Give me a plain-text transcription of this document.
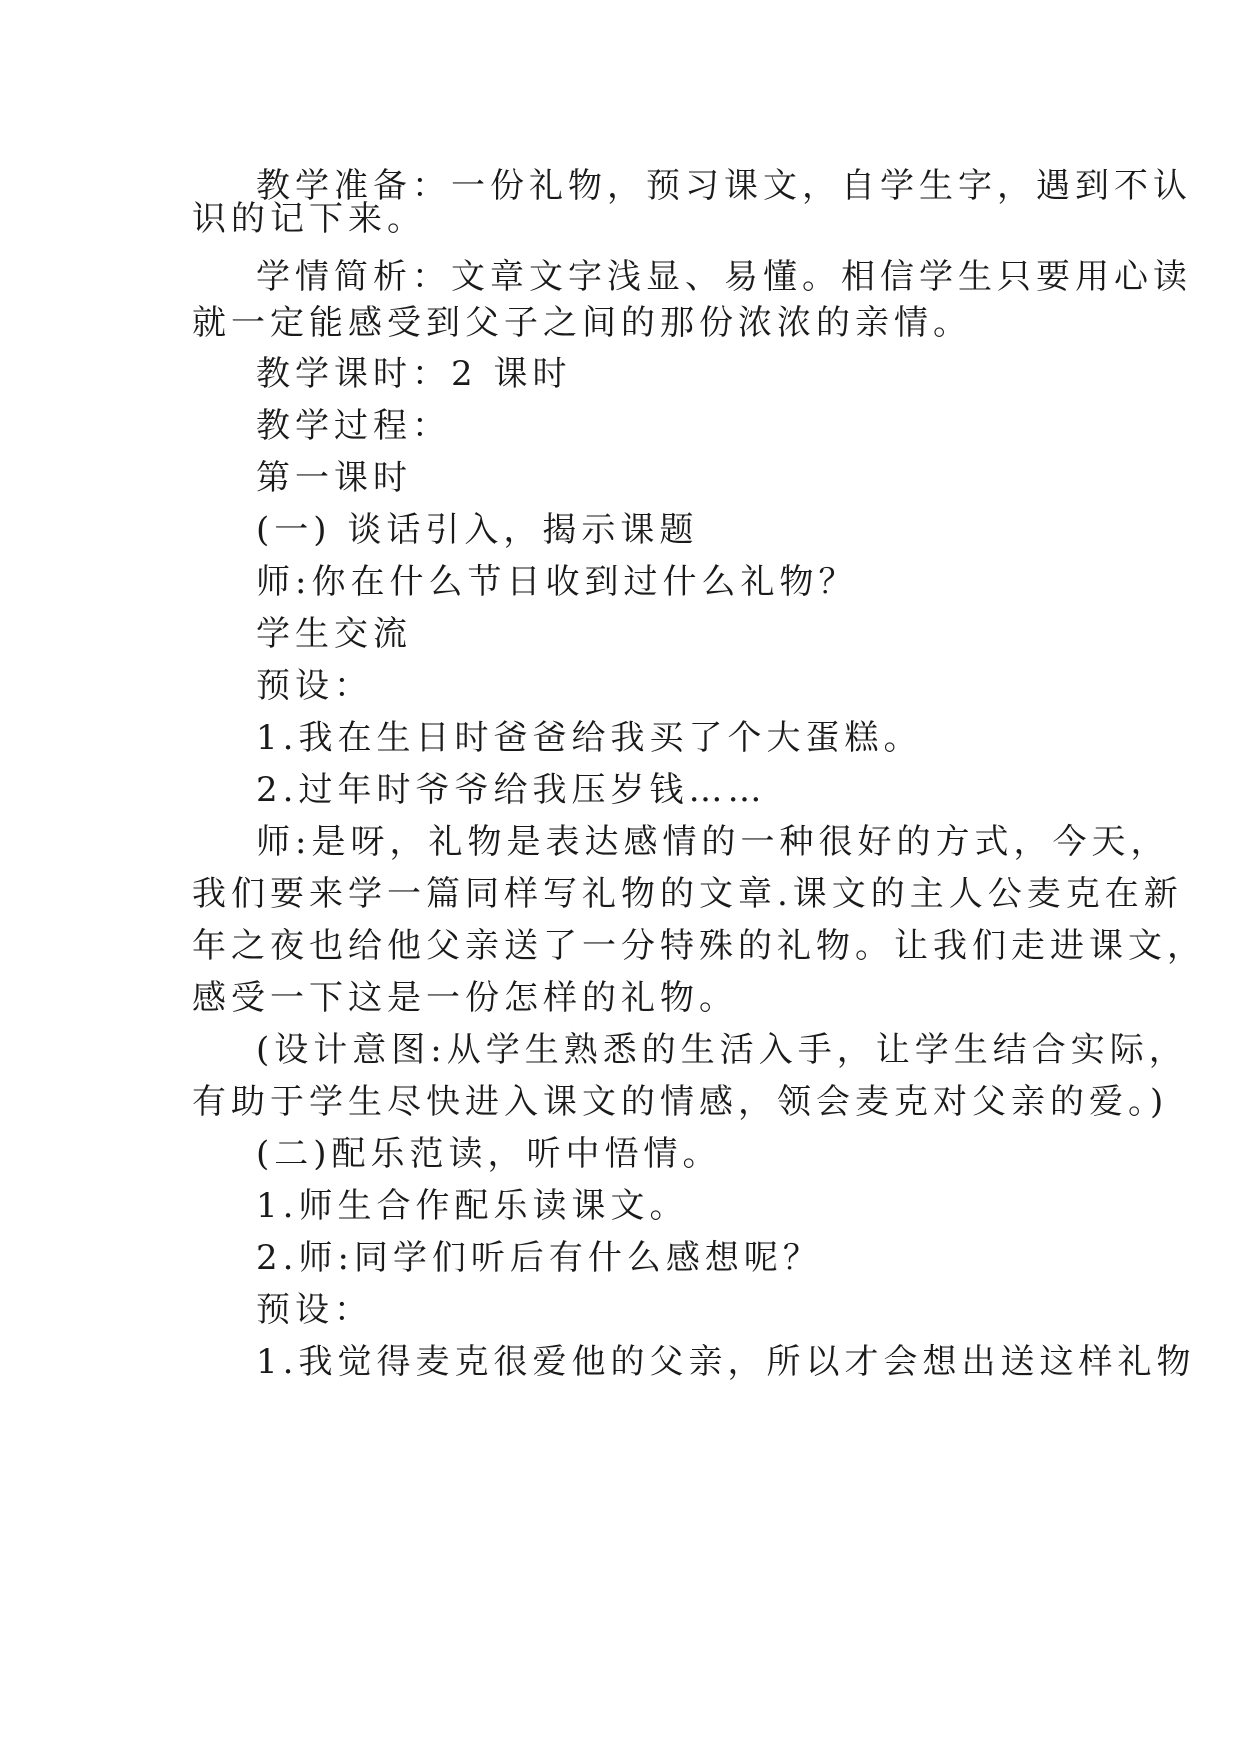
教学准备：一份礼物，预习课文，自学生字，遇到不认
识的记下来。
学情简析：文章文字浅显、易懂。相信学生只要用心读
就一定能感受到父子之间的那份浓浓的亲情。
教学课时：2 课时
教学过程：
第一课时
(一) 谈话引入，揭示课题
师:你在什么节日收到过什么礼物？
学生交流
预设：
1.我在生日时爸爸给我买了个大蛋糕。
2.过年时爷爷给我压岁钱……
师:是呀，礼物是表达感情的一种很好的方式，今天，
我们要来学一篇同样写礼物的文章.课文的主人公麦克在新
年之夜也给他父亲送了一分特殊的礼物。让我们走进课文，
感受一下这是一份怎样的礼物。
(设计意图:从学生熟悉的生活入手，让学生结合实际，
有助于学生尽快进入课文的情感，领会麦克对父亲的爱。)
(二)配乐范读，听中悟情。
1.师生合作配乐读课文。
2.师:同学们听后有什么感想呢？
预设：
1.我觉得麦克很爱他的父亲，所以才会想出送这样礼物
